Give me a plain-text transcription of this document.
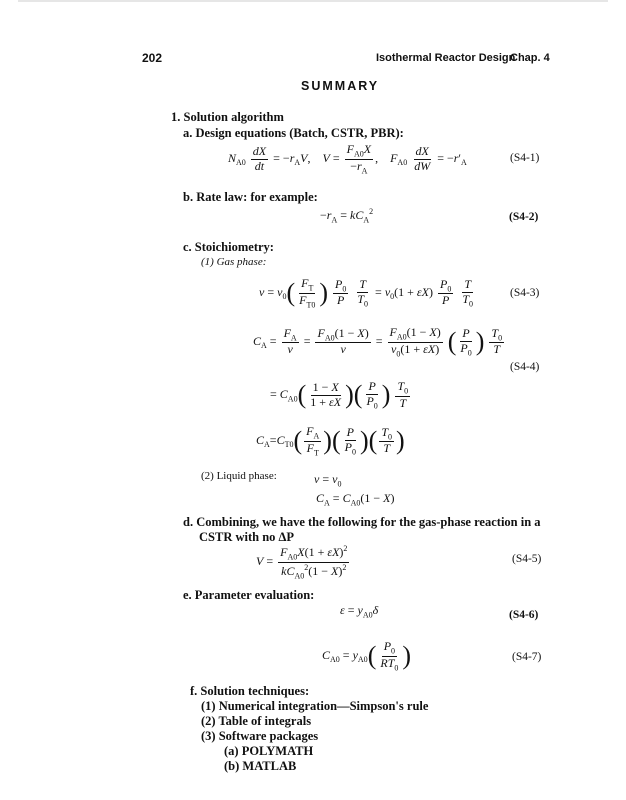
202	Isothermal Reactor Design
Chap. 4
SUMMARY
1. Solution algorithm
a. Design equations (Batch, CSTR, PBR):
$N_{A0} \frac{dX}{dt} = -r_AV$,    $V = \frac{F_{A0}X}{-r_A}$ ,    $F_{A0} \frac{dX}{dW} = -r'_A$	(S4-1)
b. Rate law: for example:
$-r_A = kC_A^2$	(S4-2)
c. Stoichiometry:
(1) Gas phase:
$v = v_0( \frac{F_T}{F_{T0}}$ ) $\frac{P_0}{P}$
$\frac{T}{T_0} = v_0(1 + \varepsilon X) \frac{P_0}{P}$
$\frac{T}{T_0}$	(S4-3)
$C_A = \frac{F_A}{v} = \frac{F_{A0}(1 - X)}{v} = \frac{F_{A0}(1 - X)}{v_0(1 + \varepsilon X)}$ ( $\frac{P}{P_0}$ ) $\frac{T_0}{T}$
(S4-4)
= $C_{A0}( \frac{1 - X}{1 + \varepsilon X}$ )( $\frac{P}{P_0}$ ) $\frac{T_0}{T}$
$C_A=C_{T0}( \frac{F_A}{F_T}$ )( $\frac{P}{P_0}$ )( $\frac{T_0}{T}$ )
(2) Liquid phase:	$v = v_0$
$C_A = C_{A0}(1 - X)$
d. Combining, we have the following for the gas-phase reaction in a
CSTR with no ΔP
$V = \frac{F_{A0}X(1 + \varepsilon X)^2}{kC_{A0}^2(1 - X)^2}$	(S4-5)
e. Parameter evaluation:
$\varepsilon = y_{A0}\delta$	(S4-6)
$C_{A0} = y_{A0}( \frac{P_0}{RT_0}$ )	(S4-7)
f. Solution techniques:
(1) Numerical integration—Simpson's rule
(2) Table of integrals
(3) Software packages
(a) POLYMATH
(b) MATLAB
